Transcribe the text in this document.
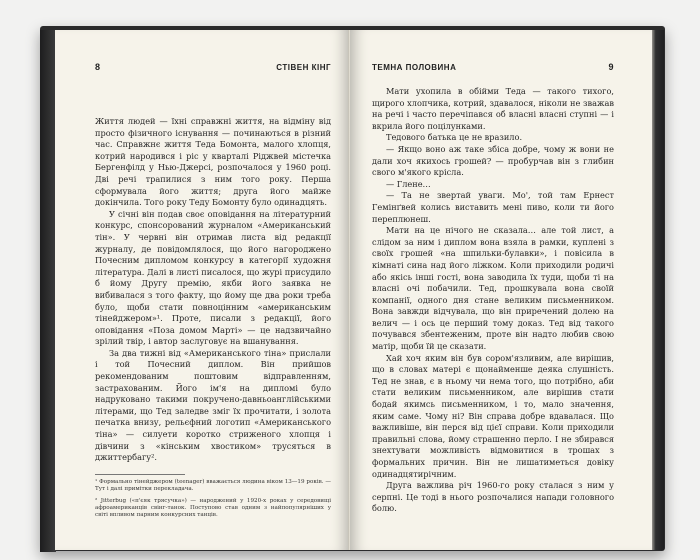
8	СТІВЕН КІНГ

Життя людей — їхні справжні життя, на відміну від просто фізичного існування — починаються в різний час. Справжнє життя Теда Бомонта, малого хлопця, котрий народився і ріс у кварталі Ріджвей містечка Бергенфілд у Нью-Джерсі, розпочалося у 1960 році. Дві речі трапилися з ним того року. Перша сформувала його життя; друга його майже докінчила. Того року Теду Бомонту було одинадцять.

У січні він подав своє оповідання на літературний конкурс, спонсорований журналом «Американський тін». У червні він отримав листа від редакції журналу, де повідомлялося, що його нагороджено Почесним дипломом конкурсу в категорії художня література. Далі в листі писалося, що журі присудило б йому Другу премію, якби його заявка не вибивалася з того факту, що йому ще два роки треба було, щоби стати повноцінним «американським тінейджером»¹. Проте, писали з редакції, його оповідання «Поза домом Марті» — це надзвичайно зрілий твір, і автор заслуговує на вшанування.

За два тижні від «Американського тіна» прислали і той Почесний диплом. Він прийшов рекомендованим поштовим відправленням, застрахованим. Його ім'я на дипломі було надруковано такими покручено-давньоанглійськими літерами, що Тед заледве зміг їх прочитати, і золота печатка внизу, рельєфний логотип «Американського тіна» — силуети коротко стриженого хлопця і дівчини з «кінським хвостиком» трусяться в джиттербагу².

¹ Формально тінейджером (teenager) вважається людина віком 13—19 років. — Тут і далі примітки перекладача.
² Jitterbug («п'єяк трясучка») — народжений у 1920-х роках у середовищі афроамериканців свінг-танок. Поступово став одним з найпопулярніших у світі впливом парним конкурсних танців.
ТЕМНА ПОЛОВИНА	9

Мати ухопила в обійми Теда — такого тихого, щирого хлопчика, котрий, здавалося, ніколи не зважав на речі і часто перечіпався об власні власні ступні — і вкрила його поцілунками.

Тедового батька це не вразило.

— Якщо воно аж таке збіса добре, чому ж вони не дали хоч якихось грошей? — пробурчав він з глибин свого м'якого крісла.

— Глене…

— Та не звертай уваги. Мо', той там Ернест Гемінґвей колись виставить мені пиво, коли ти його переплюнеш.

Мати на це нічого не сказала… але той лист, а слідом за ним і диплом вона взяла в рамки, куплені з своїх грошей «на шпильки-булавки», і повісила в кімнаті сина над його ліжком. Коли приходили родичі або якісь інші гості, вона заводила їх туди, щоби ті на власні очі побачили. Тед, прошкувала вона своїй компанії, одного дня стане великим письменником. Вона завжди відчувала, що він приречений долею на велич — і ось це перший тому доказ. Тед від такого почувався збентеженим, проте він надто любив свою матір, щоби їй це сказати.

Хай хоч яким він був сором'язливим, але вирішив, що в словах матері є щонайменше деяка слушність. Тед не знав, є в ньому чи нема того, що потрібно, аби стати великим письменником, але вирішив стати бодай якимсь письменником, і то, мало значення, яким саме. Чому ні? Він справа добре вдавалася. Що важливіше, він перся від цієї справи. Коли приходили правильні слова, йому страшенно перло. І не збирався знехтувати можливість відмовитися в трошах з формальних причин. Він не лишатиметься довіку одинадцятирічним.

Друга важлива річ 1960-го року сталася з ним у серпні. Це тоді в нього розпочалися напади головного болю.
